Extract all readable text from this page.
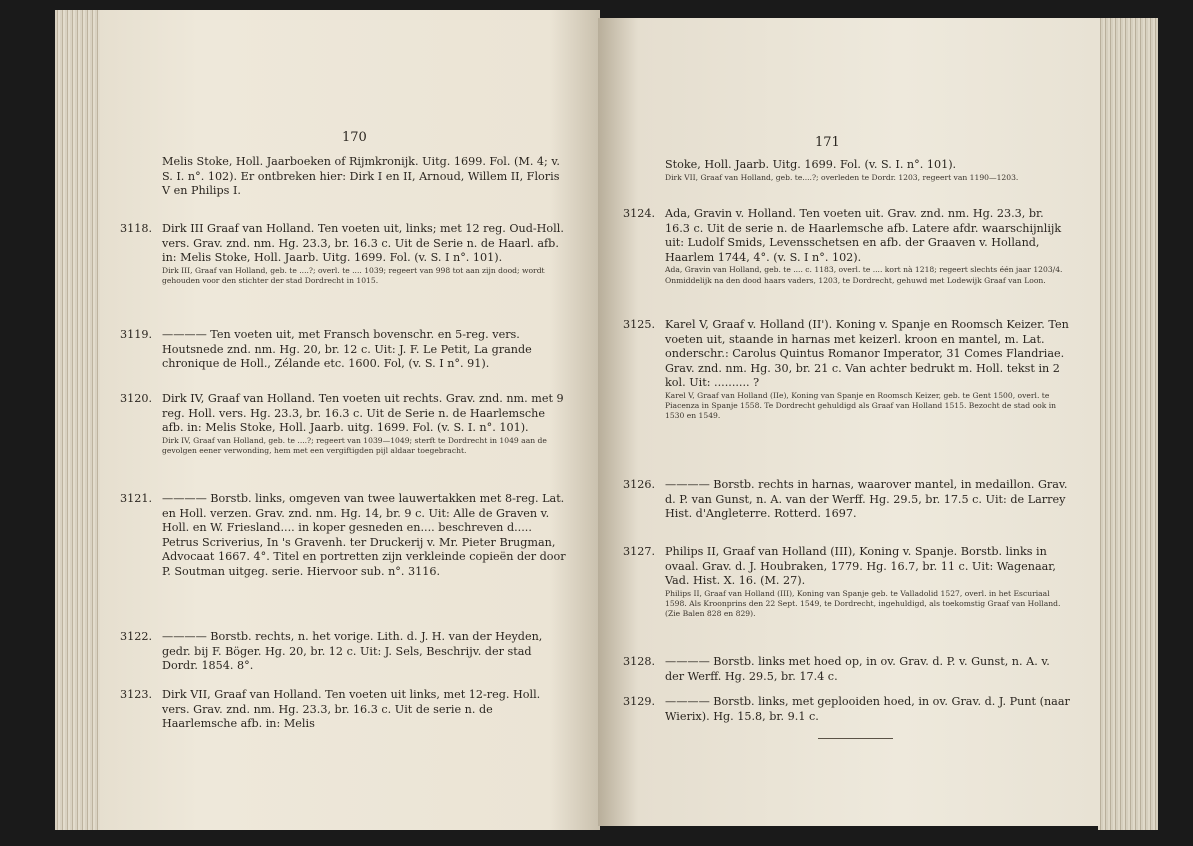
170

Melis Stoke, Holl. Jaarboeken of Rijmkronijk. Uitg. 1699. Fol. (M. 4; v. S. I. n°. 102). Er ontbreken hier: Dirk I en II, Arnoud, Willem II, Floris V en Philips I.

3118. Dirk III Graaf van Holland. Ten voeten uit, links; met 12 reg. Oud-Holl. vers. Grav. znd. nm. Hg. 23.3, br. 16.3 c. Uit de Serie n. de Haarl. afb. in: Melis Stoke, Holl. Jaarb. Uitg. 1699. Fol. (v. S. I n°. 101).

Dirk III, Graaf van Holland, geb. te ....?; overl. te .... 1039; regeert van 998 tot aan zijn dood; wordt gehouden voor den stichter der stad Dordrecht in 1015.

3119. ———— Ten voeten uit, met Fransch bovenschr. en 5-reg. vers. Houtsnede znd. nm. Hg. 20, br. 12 c. Uit: J. F. Le Petit, La grande chronique de Holl., Zélande etc. 1600. Fol, (v. S. I n°. 91).

3120. Dirk IV, Graaf van Holland. Ten voeten uit rechts. Grav. znd. nm. met 9 reg. Holl. vers. Hg. 23.3, br. 16.3 c. Uit de Serie n. de Haarlemsche afb. in: Melis Stoke, Holl. Jaarb. uitg. 1699. Fol. (v. S. I. n°. 101).

Dirk IV, Graaf van Holland, geb. te ....?; regeert van 1039—1049; sterft te Dordrecht in 1049 aan de gevolgen eener verwonding, hem met een vergiftigden pijl aldaar toegebracht.

3121. ———— Borstb. links, omgeven van twee lauwertakken met 8-reg. Lat. en Holl. verzen. Grav. znd. nm. Hg. 14, br. 9 c. Uit: Alle de Graven v. Holl. en W. Friesland.... in koper gesneden en.... beschreven d..... Petrus Scriverius, In 's Gravenh. ter Druckerij v. Mr. Pieter Brugman, Advocaat 1667. 4°. Titel en portretten zijn verkleinde copieën der door P. Soutman uitgeg. serie. Hiervoor sub. n°. 3116.

3122. ———— Borstb. rechts, n. het vorige. Lith. d. J. H. van der Heyden, gedr. bij F. Böger. Hg. 20, br. 12 c. Uit: J. Sels, Beschrijv. der stad Dordr. 1854. 8°.

3123. Dirk VII, Graaf van Holland. Ten voeten uit links, met 12-reg. Holl. vers. Grav. znd. nm. Hg. 23.3, br. 16.3 c. Uit de serie n. de Haarlemsche afb. in: Melis

171

Stoke, Holl. Jaarb. Uitg. 1699. Fol. (v. S. I. n°. 101).

Dirk VII, Graaf van Holland, geb. te....?; overleden te Dordr. 1203, regeert van 1190—1203.

3124. Ada, Gravin v. Holland. Ten voeten uit. Grav. znd. nm. Hg. 23.3, br. 16.3 c. Uit de serie n. de Haarlemsche afb. Latere afdr. waarschijnlijk uit: Ludolf Smids, Levensschetsen en afb. der Graaven v. Holland, Haarlem 1744, 4°. (v. S. I n°. 102).

Ada, Gravin van Holland, geb. te .... c. 1183, overl. te .... kort nà 1218; regeert slechts één jaar 1203/4. Onmiddelijk na den dood haars vaders, 1203, te Dordrecht, gehuwd met Lodewijk Graaf van Loon.

3125. Karel V, Graaf v. Holland (II'). Koning v. Spanje en Roomsch Keizer. Ten voeten uit, staande in harnas met keizerl. kroon en mantel, m. Lat. onderschr.: Carolus Quintus Romanor Imperator, 31 Comes Flandriae. Grav. znd. nm. Hg. 30, br. 21 c. Van achter bedrukt m. Holl. tekst in 2 kol. Uit: .......... ?

Karel V, Graaf van Holland (IIe), Koning van Spanje en Roomsch Keizer, geb. te Gent 1500, overl. te Piacenza in Spanje 1558. Te Dordrecht gehuldigd als Graaf van Holland 1515. Bezocht de stad ook in 1530 en 1549.

3126. ———— Borstb. rechts in harnas, waarover mantel, in medaillon. Grav. d. P. van Gunst, n. A. van der Werff. Hg. 29.5, br. 17.5 c. Uit: de Larrey Hist. d'Angleterre. Rotterd. 1697.

3127. Philips II, Graaf van Holland (III), Koning v. Spanje. Borstb. links in ovaal. Grav. d. J. Houbraken, 1779. Hg. 16.7, br. 11 c. Uit: Wagenaar, Vad. Hist. X. 16. (M. 27).

Philips II, Graaf van Holland (III), Koning van Spanje geb. te Valladolid 1527, overl. in het Escuriaal 1598. Als Kroonprins den 22 Sept. 1549, te Dordrecht, ingehuldigd, als toekomstig Graaf van Holland. (Zie Balen 828 en 829).

3128. ———— Borstb. links met hoed op, in ov. Grav. d. P. v. Gunst, n. A. v. der Werff. Hg. 29.5, br. 17.4 c.

3129. ———— Borstb. links, met geplooiden hoed, in ov. Grav. d. J. Punt (naar Wierix). Hg. 15.8, br. 9.1 c.
